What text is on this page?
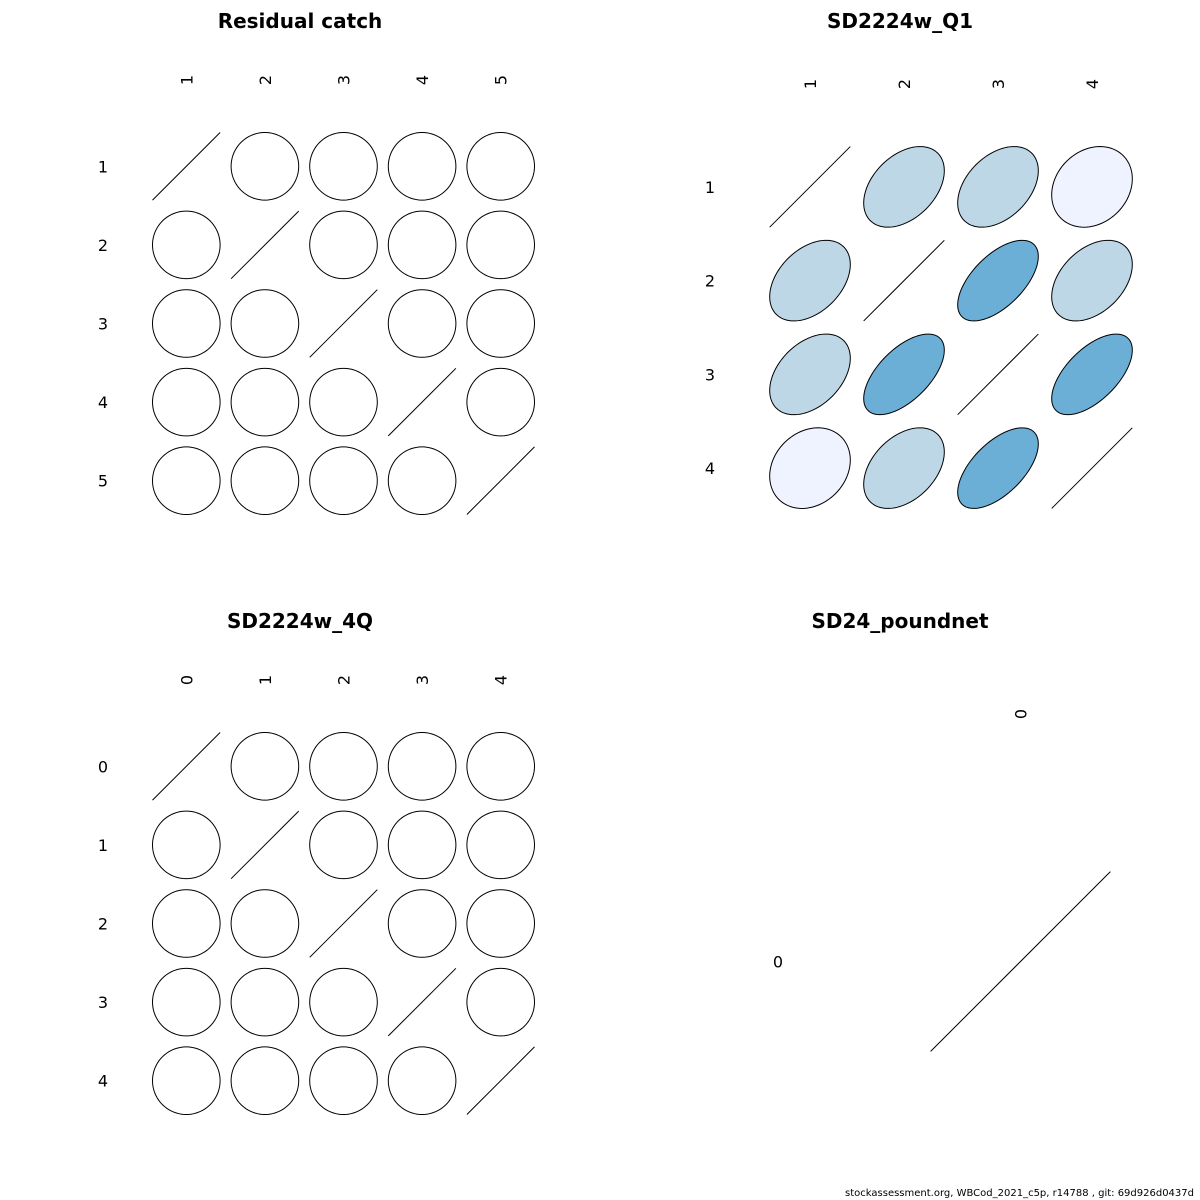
Residual catch
1
1
2
2
3
3
4
4
5
5
SD2224w_Q1
1
1
2
2
3
3
4
4
SD2224w_4Q
0
0
1
1
2
2
3
3
4
4
SD24_poundnet
0
0
stockassessment.org, WBCod_2021_c5p, r14788 , git: 69d926d0437d
